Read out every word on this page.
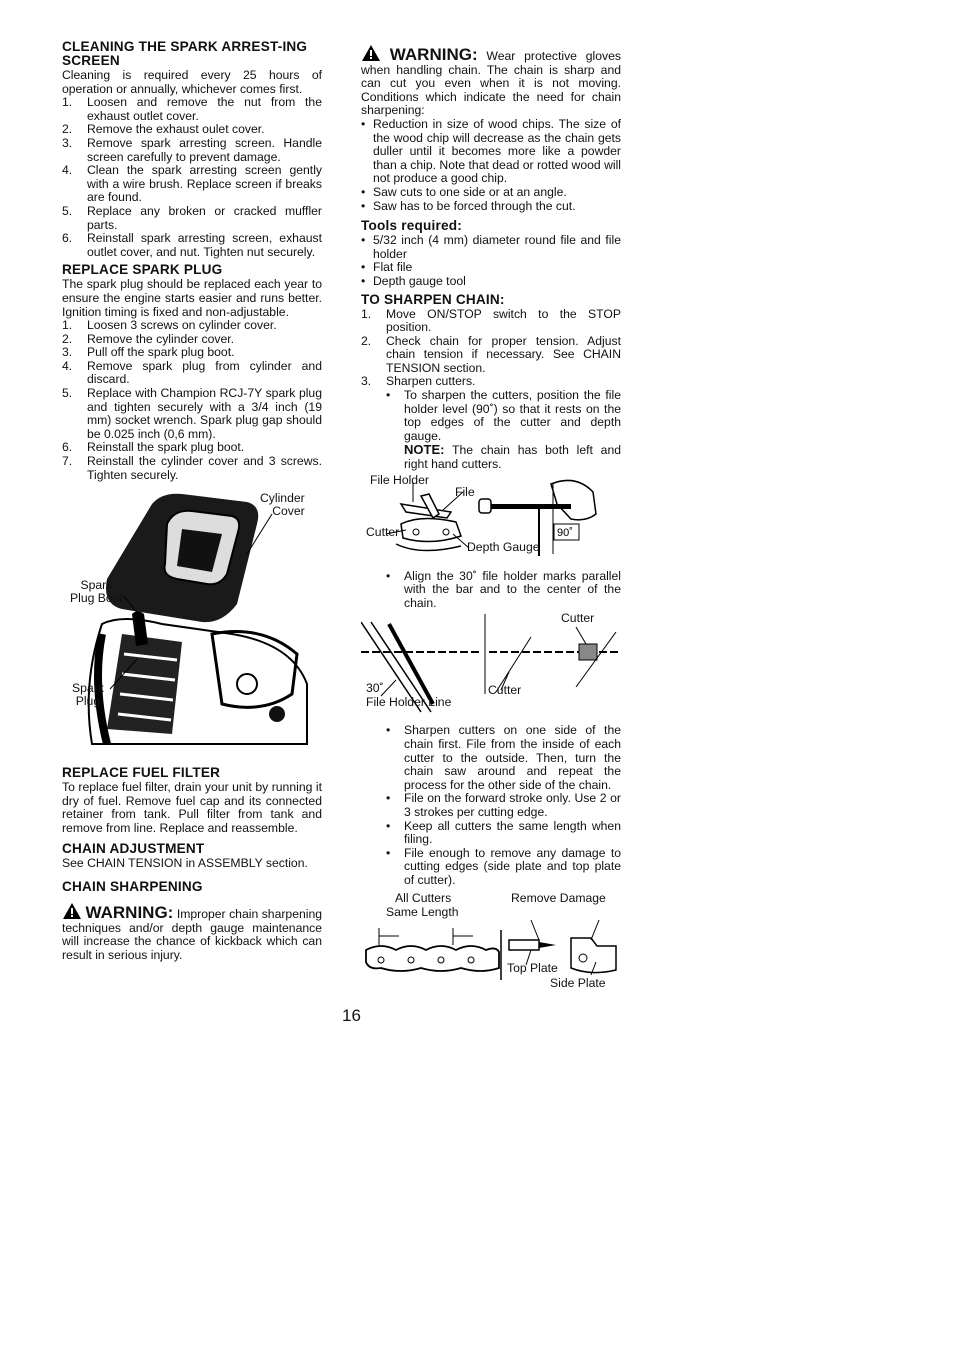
CLEANING THE SPARK ARREST-ING SCREEN

Cleaning is required every 25 hours of operation or annually, whichever comes first.

1.	Loosen and remove the nut from the exhaust outlet cover.
2.	Remove the exhaust oulet cover.
3.	Remove spark arresting screen. Handle screen carefully to prevent damage.
4.	Clean the spark arresting screen gently with a wire brush. Replace screen if breaks are found.
5.	Replace any broken or cracked muffler parts.
6.	Reinstall spark arresting screen, exhaust outlet cover, and nut. Tighten nut securely.
REPLACE SPARK PLUG

The spark plug should be replaced each year to ensure the engine starts easier and runs better. Ignition timing is fixed and non-adjustable.

1.	Loosen 3 screws on cylinder cover.
2.	Remove the cylinder cover.
3.	Pull off the spark plug boot.
4.	Remove spark plug from cylinder and discard.
5.	Replace with Champion RCJ-7Y spark plug and tighten securely with a 3/4 inch (19 mm) socket wrench. Spark plug gap should be 0.025 inch (0,6 mm).
6.	Reinstall the spark plug boot.
7.	Reinstall the cylinder cover and 3 screws. Tighten securely.
Cylinder
Cover
Spark
Plug Boot
Spark
Plug
REPLACE FUEL FILTER

To replace fuel filter, drain your unit by running it dry of fuel. Remove fuel cap and its connected retainer from tank. Pull filter from tank and remove from line. Replace and reassemble.

CHAIN ADJUSTMENT

See CHAIN TENSION in ASSEMBLY section.

CHAIN SHARPENING

WARNING: Improper chain sharpening techniques and/or depth gauge maintenance will increase the chance of kickback which can result in serious injury.

WARNING: Wear protective gloves when handling chain. The chain is sharp and can cut you even when it is not moving. Conditions which indicate the need for chain sharpening:

• Reduction in size of wood chips. The size of the wood chip will decrease as the chain gets duller until it becomes more like a powder than a chip. Note that dead or rotted wood will not produce a good chip.
• Saw cuts to one side or at an angle.
• Saw has to be forced through the cut.
Tools required:
• 5/32 inch (4 mm) diameter round file and file holder
• Flat file
• Depth gauge tool
TO SHARPEN CHAIN:
1.	Move ON/STOP switch to the STOP position.
2.	Check chain for proper tension. Adjust chain tension if necessary. See CHAIN TENSION section.
3.	Sharpen cutters.
•	To sharpen the cutters, position the file holder level (90˚) so that it rests on the top edges of the cutter and depth gauge.
NOTE: The chain has both left and right hand cutters.
90˚
File Holder
File
Cutter
Depth Gauge
•	Align the 30˚ file holder marks parallel with the bar and to the center of the chain.
Cutter
30˚
File Holder Line
Cutter
•	Sharpen cutters on one side of the chain first. File from the inside of each cutter to the outside. Then, turn the chain saw around and repeat the process for the other side of the chain.
•	File on the forward stroke only. Use 2 or 3 strokes per cutting edge.
•	Keep all cutters the same length when filing.
•	File enough to remove any damage to cutting edges (side plate and top plate of cutter).
All Cutters
Same Length
Remove Damage
Top Plate
Side Plate
16
